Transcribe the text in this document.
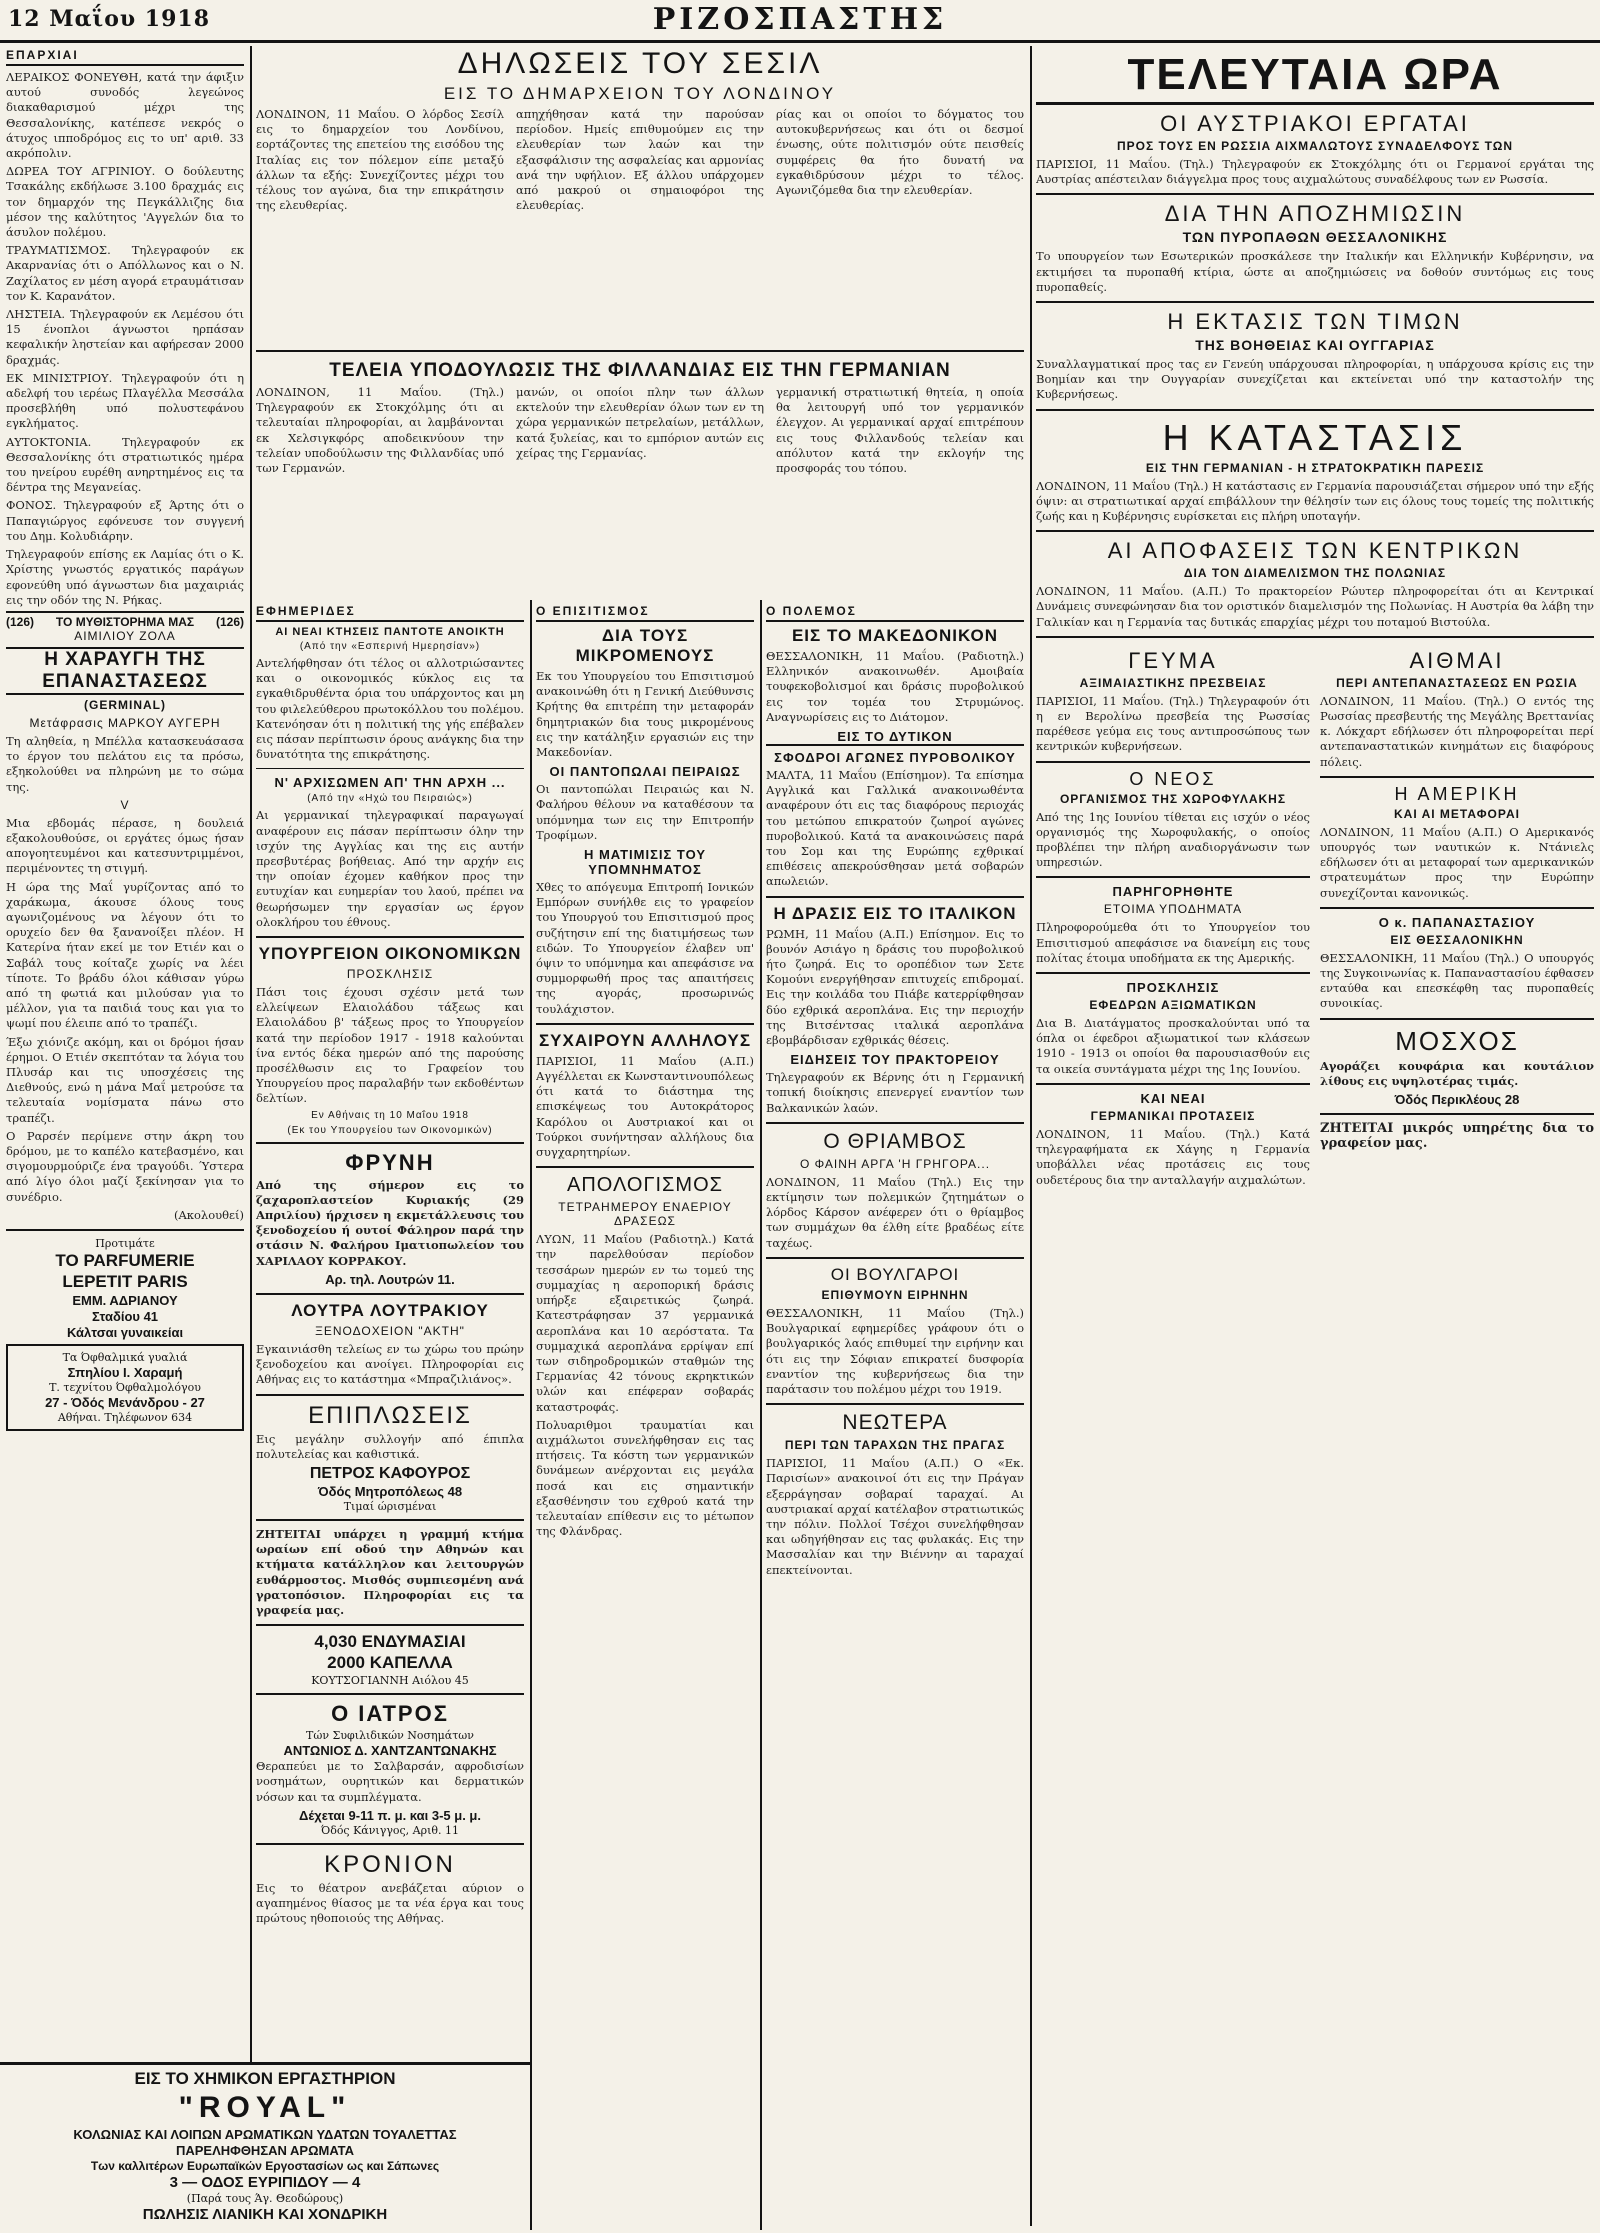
12 Μαΐου 1918	ΡΙΖΟΣΠΑΣΤΗΣ
ΕΠΑΡΧΙΑΙ

ΛΕΡΑΙΚΟΣ ΦΟΝΕΥΘΗ, κατά την άφιξιν αυτού συνοδός λεγεώνος διακαθαρισμού μέχρι της Θεσσαλονίκης, κατέπεσε νεκρός ο άτυχος ιπποδρόμος εις το υπ' αριθ. 33 ακρόπολιν.

ΔΩΡΕΑ ΤΟΥ ΑΓΡΙΝΙΟΥ. Ο δούλευτης Τσακάλης εκδήλωσε 3.100 δραχμάς εις τον δημαρχόν της Πεγκάλλιζης δια μέσον της καλύτητος 'Αγγελών δια το άσυλον πολέμου.

ΤΡΑΥΜΑΤΙΣΜΟΣ. Τηλεγραφούν εκ Ακαρνανίας ότι ο Απόλλωνος και ο Ν. Ζαχίλατος εν μέση αγορά ετραυμάτισαν τον Κ. Καρανάτον.

ΛΗΣΤΕΙΑ. Τηλεγραφούν εκ Λεμέσου ότι 15 ένοπλοι άγνωστοι ηρπάσαν κεφαλικήν ληστείαν και αφήρεσαν 2000 δραχμάς.

ΕΚ ΜΙΝΙΣΤΡΙΟΥ. Τηλεγραφούν ότι η αδελφή του ιερέως Πλαγέλλα Μεσσάλα προσεβλήθη υπό πολυστεφάνου εγκλήματος.

ΑΥΤΟΚΤΟΝΙΑ. Τηλεγραφούν εκ Θεσσαλονίκης ότι στρατιωτικός ημέρα του ηνείρου ευρέθη ανηρτημένος εις τα δέντρα της Μεγανείας.

ΦΟΝΟΣ. Τηλεγραφούν εξ Άρτης ότι ο Παπαγιώργος εφόνευσε τον συγγενή του Δημ. Κολυδιάρην.

Τηλεγραφούν επίσης εκ Λαμίας ότι ο Κ. Χρίστης γνωστός εργατικός παράγων εφονεύθη υπό άγνωστων δια μαχαιριάς εις την οδόν της Ν. Ρήκας.

(126) ΤΟ ΜΥΘΙΣΤΟΡΗΜΑ ΜΑΣ (126)
ΑΙΜΙΛΙΟΥ ΖΟΛΑ
Η ΧΑΡΑΥΓΗ ΤΗΣ ΕΠΑΝΑΣΤΑΣΕΩΣ
(GERMINAL)
Μετάφρασις ΜΑΡΚΟΥ ΑΥΓΕΡΗ

Τη αληθεία, η Μπέλλα κατασκευάσασα το έργον του πελάτου εις τα πρόσω, εξηκολούθει να πληρώνη με το σώμα της.

V

Μια εβδομάς πέρασε, η δουλειά εξακολουθούσε, οι εργάτες όμως ήσαν απογοητευμένοι και κατεσυντριμμένοι, περιμένοντες τη στιγμή.

Η ώρα της Μαΐ γυρίζοντας από το χαράκωμα, άκουσε όλους τους αγωνιζομένους να λέγουν ότι το ορυχείο δεν θα ξανανοίξει πλέον. Η Κατερίνα ήταν εκεί με τον Ετιέν και ο Σαβάλ τους κοίταζε χωρίς να λέει τίποτε. Το βράδυ όλοι κάθισαν γύρω από τη φωτιά και μιλούσαν για το μέλλον, για τα παιδιά τους και για το ψωμί που έλειπε από το τραπέζι.

Έξω χιόνιζε ακόμη, και οι δρόμοι ήσαν έρημοι. Ο Ετιέν σκεπτόταν τα λόγια του Πλυσάρ και τις υποσχέσεις της Διεθνούς, ενώ η μάνα Μαΐ μετρούσε τα τελευταία νομίσματα πάνω στο τραπέζι.

Ο Ραρσέν περίμενε στην άκρη του δρόμου, με το καπέλο κατεβασμένο, και σιγομουρμούριζε ένα τραγούδι. Ύστερα από λίγο όλοι μαζί ξεκίνησαν για το συνέδριο.

(Ακολουθεί)

Προτιμάτε
ΤΟ PARFUMERIE
LEPETIT PARIS
ΕΜΜ. ΑΔΡΙΑΝΟΥ
Σταδίου 41
Κάλτσαι γυναικείαι
Τα Όφθαλμικά γυαλιά
Σπηλίου Ι. Χαραμή
Τ. τεχνίτου Όφθαλμολόγου
27 - Όδός Μενάνδρου - 27
Αθήναι. Τηλέφωνον 634
ΔΗΛΩΣΕΙΣ ΤΟΥ ΣΕΣΙΛ
ΕΙΣ ΤΟ ΔΗΜΑΡΧΕΙΟΝ ΤΟΥ ΛΟΝΔΙΝΟΥ

ΛΟΝΔΙΝΟΝ, 11 Μαΐου. Ο λόρδος Σεσίλ εις το δημαρχείον του Λονδίνου, εορτάζοντες της επετείου της εισόδου της Ιταλίας εις τον πόλεμον είπε μεταξύ άλλων τα εξής: Συνεχίζοντες μέχρι του τέλους τον αγώνα, δια την επικράτησιν της ελευθερίας.

απηχήθησαν κατά την παρούσαν περίοδον. Ημείς επιθυμούμεν εις την ελευθερίαν των λαών και την εξασφάλισιν της ασφαλείας και αρμονίας ανά την υφήλιον. Εξ άλλου υπάρχομεν από μακρού οι σημαιοφόροι της ελευθερίας.

ρίας και οι οποίοι το δόγματος του αυτοκυβερνήσεως και ότι οι δεσμοί ένωσης, ούτε πολιτισμόν ούτε πεισθείς συμφέρεις θα ήτο δυνατή να εγκαθιδρύσουν μέχρι το τέλος. Αγωνιζόμεθα δια την ελευθερίαν.

ΤΕΛΕΙΑ ΥΠΟΔΟΥΛΩΣΙΣ ΤΗΣ ΦΙΛΛΑΝΔΙΑΣ ΕΙΣ ΤΗΝ ΓΕΡΜΑΝΙΑΝ

ΛΟΝΔΙΝΟΝ, 11 Μαΐου. (Τηλ.) Τηλεγραφούν εκ Στοκχόλμης ότι αι τελευταίαι πληροφορίαι, αι λαμβάνονται εκ Χελσιγκφόρς αποδεικνύουν την τελείαν υποδούλωσιν της Φιλλανδίας υπό των Γερμανών.

μανών, οι οποίοι πλην των άλλων εκτελούν την ελευθερίαν όλων των εν τη χώρα γερμανικών πετρελαίων, μετάλλων, κατά ξυλείας, και το εμπόριον αυτών εις χείρας της Γερμανίας.

γερμανική στρατιωτική θητεία, η οποία θα λειτουργή υπό τον γερμανικόν έλεγχον. Αι γερμανικαί αρχαί επιτρέπουν εις τους Φιλλανδούς τελείαν και απόλυτον κατά την εκλογήν της προσφοράς του τόπου.

ΕΦΗΜΕΡΙΔΕΣ
ΑΙ ΝΕΑΙ ΚΤΗΣΕΙΣ ΠΑΝΤΟΤΕ ΑΝΟΙΚΤΗ
(Από την «Εσπερινή Ημερησίαν»)

Αντελήφθησαν ότι τέλος οι αλλοτριώσαντες και ο οικονομικός κύκλος εις τα εγκαθιδρυθέντα όρια του υπάρχοντος και μη του φιλελεύθερου πρωτοκόλλου του πολέμου. Κατενόησαν ότι η πολιτική της γής επέβαλεν εις πάσαν περίπτωσιν όρους ανάγκης δια την δυνατότητα της επικράτησης.

Ν' ΑΡΧΙΣΩΜΕΝ ΑΠ' ΤΗΝ ΑΡΧΗ ...
(Από την «Ηχώ του Πειραιώς»)

Αι γερμανικαί τηλεγραφικαί παραγωγαί αναφέρουν εις πάσαν περίπτωσιν όλην την ισχύν της Αγγλίας και της εις αυτήν πρεσβυτέρας βοήθειας. Από την αρχήν εις την οποίαν έχομεν καθήκον προς την ευτυχίαν και ευημερίαν του λαού, πρέπει να θεωρήσωμεν την εργασίαν ως έργον ολοκλήρου του έθνους.

ΥΠΟΥΡΓΕΙΟΝ ΟΙΚΟΝΟΜΙΚΩΝ
ΠΡΟΣΚΛΗΣΙΣ

Πάσι τοις έχουσι σχέσιν μετά των ελλείψεων Ελαιολάδου τάξεως και Ελαιολάδου β' τάξεως προς το Υπουργείον κατά την περίοδον 1917 - 1918 καλούνται ίνα εντός δέκα ημερών από της παρούσης προσέλθωσιν εις το Γραφείον του Υπουργείου προς παραλαβήν των εκδοθέντων δελτίων.

Εν Αθήναις τη 10 Μαΐου 1918
(Εκ του Υπουργείου των Οικονομικών)
ΦΡΥΝΗ

Από της σήμερον εις το ζαχαροπλαστείον Κυριακής (29 Απριλίου) ήρχισεν η εκμετάλλευσις του ξενοδοχείου ή ουτοί Φάληρον παρά την στάσιν Ν. Φαλήρου Ιματιοπωλείον του ΧΑΡΙΛΑΟΥ ΚΟΡΡΑΚΟΥ.

Αρ. τηλ. Λουτρών 11.
ΛΟΥΤΡΑ ΛΟΥΤΡΑΚΙΟΥ
ΞΕΝΟΔΟΧΕΙΟΝ "ΑΚΤΗ"

Εγκαινιάσθη τελείως εν τω χώρω του πρώην ξενοδοχείου και ανοίγει. Πληροφορίαι εις Αθήνας εις το κατάστημα «Μπραζιλιάνος».

ΕΠΙΠΛΩΣΕΙΣ

Εις μεγάλην συλλογήν από έπιπλα πολυτελείας και καθιστικά.

ΠΕΤΡΟΣ ΚΑΦΟΥΡΟΣ
Όδός Μητροπόλεως 48
Τιμαί ώρισμέναι

ΖΗΤΕΙΤΑΙ υπάρχει η γραμμή κτήμα ωραίων επί οδού την Αθηνών και κτήματα κατάλληλον και λειτουργών ευθάρμοστος. Μισθός συμπιεσμένη ανά γρατοπόσιον. Πληροφορίαι εις τα γραφεία μας.

4,030 ΕΝΔΥΜΑΣΙΑΙ
2000 ΚΑΠΕΛΛΑ
ΚΟΥΤΣΟΓΙΑΝΝΗ Αιόλου 45
Ο ΙΑΤΡΟΣ
Τών Συφιλιδικών Νοσημάτων
ΑΝΤΩΝΙΟΣ Δ. ΧΑΝΤΖΑΝΤΩΝΑΚΗΣ

Θεραπεύει με το Σαλβαρσάν, αφροδισίων νοσημάτων, ουρητικών και δερματικών νόσων και τα συμπλέγματα.

Δέχεται 9-11 π. μ. και 3-5 μ. μ.
Όδός Κάνιγγος, Αριθ. 11
ΚΡΟΝΙΟΝ

Εις το θέατρον ανεβάζεται αύριον ο αγαπημένος θίασος με τα νέα έργα και τους πρώτους ηθοποιούς της Αθήνας.

Ο ΕΠΙΣΙΤΙΣΜΟΣ
ΔΙΑ ΤΟΥΣ ΜΙΚΡΟΜΕΝΟΥΣ

Εκ του Υπουργείου του Επισιτισμού ανακοινώθη ότι η Γενική Διεύθυνσις Κρήτης θα επιτρέπη την μεταφοράν δημητριακών δια τους μικρομένους εις την κατάληξιν εργασιών εις την Μακεδονίαν.

ΟΙ ΠΑΝΤΟΠΩΛΑΙ ΠΕΙΡΑΙΩΣ

Οι παντοπώλαι Πειραιώς και Ν. Φαλήρου θέλουν να καταθέσουν τα υπόμνημα των εις την Επιτροπήν Τροφίμων.

Η ΜΑΤΙΜΙΣΙΣ ΤΟΥ ΥΠΟΜΝΗΜΑΤΟΣ

Χθες το απόγευμα Επιτροπή Ιονικών Εμπόρων συνήλθε εις το γραφείον του Υπουργού του Επισιτισμού προς συζήτησιν επί της διατιμήσεως των ειδών. Το Υπουργείον έλαβεν υπ' όψιν το υπόμνημα και απεφάσισε να συμμορφωθή προς τας απαιτήσεις της αγοράς, προσωρινώς τουλάχιστον.

ΣΥΧΑΙΡΟΥΝ ΑΛΛΗΛΟΥΣ

ΠΑΡΙΣΙΟΙ, 11 Μαΐου (Α.Π.) Αγγέλλεται εκ Κωνσταντινουπόλεως ότι κατά το διάστημα της επισκέψεως του Αυτοκράτορος Καρόλου οι Αυστριακοί και οι Τούρκοι συνήντησαν αλλήλους δια συγχαρητηρίων.

ΑΠΟΛΟΓΙΣΜΟΣ
ΤΕΤΡΑΗΜΕΡΟΥ ΕΝΑΕΡΙΟΥ ΔΡΑΣΕΩΣ

ΛΥΩΝ, 11 Μαΐου (Ραδιοτηλ.) Κατά την παρελθούσαν περίοδον τεσσάρων ημερών εν τω τομεύ της συμμαχίας η αεροπορική δράσις υπήρξε εξαιρετικώς ζωηρά. Κατεστράφησαν 37 γερμανικά αεροπλάνα και 10 αερόστατα. Τα συμμαχικά αεροπλάνα ερρίψαν επί των σιδηροδρομικών σταθμών της Γερμανίας 42 τόνους εκρηκτικών υλών και επέφεραν σοβαράς καταστροφάς.

Πολυαριθμοι τραυματίαι και αιχμάλωτοι συνελήφθησαν εις τας πτήσεις. Τα κόστη των γερμανικών δυνάμεων ανέρχονται εις μεγάλα ποσά και εις σημαντικήν εξασθένησιν του εχθρού κατά την τελευταίαν επίθεσιν εις το μέτωπον της Φλάνδρας.

Ο ΠΟΛΕΜΟΣ
ΕΙΣ ΤΟ ΜΑΚΕΔΟΝΙΚΟΝ

ΘΕΣΣΑΛΟΝΙΚΗ, 11 Μαΐου. (Ραδιοτηλ.) Ελληνικόν ανακοινωθέν. Αμοιβαία τουφεκοβολισμοί και δράσις πυροβολικού εις τον τομέα του Στρυμώνος. Αναγνωρίσεις εις το Διάτομον.

ΕΙΣ ΤΟ ΔΥΤΙΚΟΝ
ΣΦΟΔΡΟΙ ΑΓΩΝΕΣ ΠΥΡΟΒΟΛΙΚΟΥ

ΜΑΛΤΑ, 11 Μαΐου (Επίσημον). Τα επίσημα Αγγλικά και Γαλλικά ανακοινωθέντα αναφέρουν ότι εις τας διαφόρους περιοχάς του μετώπου επικρατούν ζωηροί αγώνες πυροβολικού. Κατά τα ανακοινώσεις παρά του Σομ και της Ευρώπης εχθρικαί επιθέσεις απεκρούσθησαν μετά σοβαρών απωλειών.

Η ΔΡΑΣΙΣ ΕΙΣ ΤΟ ΙΤΑΛΙΚΟΝ

ΡΩΜΗ, 11 Μαΐου (Α.Π.) Επίσημον. Εις το βουνόν Ασιάγο η δράσις του πυροβολικού ήτο ζωηρά. Εις το οροπέδιον των Σετε Κομούνι ενεργήθησαν επιτυχείς επιδρομαί. Εις την κοιλάδα του Πιάβε κατερρίφθησαν δύο εχθρικά αεροπλάνα. Εις την περιοχήν της Βιτσέντσας ιταλικά αεροπλάνα εβομβάρδισαν εχθρικάς θέσεις.

ΕΙΔΗΣΕΙΣ ΤΟΥ ΠΡΑΚΤΟΡΕΙΟΥ

Τηλεγραφούν εκ Βέρνης ότι η Γερμανική τοπική διοίκησις επενεργεί εναντίον των Βαλκανικών λαών.

Ο ΘΡΙΑΜΒΟΣ
Ο ΦΑΙΝΗ ΑΡΓΑ 'Η ΓΡΗΓΟΡΑ...

ΛΟΝΔΙΝΟΝ, 11 Μαΐου (Τηλ.) Εις την εκτίμησιν των πολεμικών ζητημάτων ο λόρδος Κάρσον ανέφερεν ότι ο θρίαμβος των συμμάχων θα έλθη είτε βραδέως είτε ταχέως.

ΟΙ ΒΟΥΛΓΑΡΟΙ
ΕΠΙΘΥΜΟΥΝ ΕΙΡΗΝΗΝ

ΘΕΣΣΑΛΟΝΙΚΗ, 11 Μαΐου (Τηλ.) Βουλγαρικαί εφημερίδες γράφουν ότι ο βουλγαρικός λαός επιθυμεί την ειρήνην και ότι εις την Σόφιαν επικρατεί δυσφορία εναντίον της κυβερνήσεως δια την παράτασιν του πολέμου μέχρι του 1919.

ΝΕΩΤΕΡΑ
ΠΕΡΙ ΤΩΝ ΤΑΡΑΧΩΝ ΤΗΣ ΠΡΑΓΑΣ

ΠΑΡΙΣΙΟΙ, 11 Μαΐου (Α.Π.) Ο «Εκ. Παρισίων» ανακοινοί ότι εις την Πράγαν εξερράγησαν σοβαραί ταραχαί. Αι αυστριακαί αρχαί κατέλαβον στρατιωτικώς την πόλιν. Πολλοί Τσέχοι συνελήφθησαν και ωδηγήθησαν εις τας φυλακάς. Εις την Μασσαλίαν και την Βιέννην αι ταραχαί επεκτείνονται.

ΤΕΛΕΥΤΑΙΑ ΩΡΑ
ΟΙ ΑΥΣΤΡΙΑΚΟΙ ΕΡΓΑΤΑΙ
ΠΡΟΣ ΤΟΥΣ ΕΝ ΡΩΣΣΙΑ ΑΙΧΜΑΛΩΤΟΥΣ ΣΥΝΑΔΕΛΦΟΥΣ ΤΩΝ

ΠΑΡΙΣΙΟΙ, 11 Μαΐου. (Τηλ.) Τηλεγραφούν εκ Στοκχόλμης ότι οι Γερμανοί εργάται της Αυστρίας απέστειλαν διάγγελμα προς τους αιχμαλώτους συναδέλφους των εν Ρωσσία.

ΔΙΑ ΤΗΝ ΑΠΟΖΗΜΙΩΣΙΝ
ΤΩΝ ΠΥΡΟΠΑΘΩΝ ΘΕΣΣΑΛΟΝΙΚΗΣ

Το υπουργείον των Εσωτερικών προσκάλεσε την Ιταλικήν και Ελληνικήν Κυβέρνησιν, να εκτιμήσει τα πυροπαθή κτίρια, ώστε αι αποζημιώσεις να δοθούν συντόμως εις τους πυροπαθείς.

Η ΕΚΤΑΣΙΣ ΤΩΝ ΤΙΜΩΝ
ΤΗΣ ΒΟΗΘΕΙΑΣ ΚΑΙ ΟΥΓΓΑΡΙΑΣ

Συναλλαγματικαί προς τας εν Γενεύη υπάρχουσαι πληροφορίαι, η υπάρχουσα κρίσις εις την Βοημίαν και την Ουγγαρίαν συνεχίζεται και εκτείνεται υπό την καταστολήν της Κυβερνήσεως.

Η ΚΑΤΑΣΤΑΣΙΣ
ΕΙΣ ΤΗΝ ΓΕΡΜΑΝΙΑΝ - Η ΣΤΡΑΤΟΚΡΑΤΙΚΗ ΠΑΡΕΣΙΣ

ΛΟΝΔΙΝΟΝ, 11 Μαΐου (Τηλ.) Η κατάστασις εν Γερμανία παρουσιάζεται σήμερον υπό την εξής όψιν: αι στρατιωτικαί αρχαί επιβάλλουν την θέλησίν των εις όλους τους τομείς της πολιτικής ζωής και η Κυβέρνησις ευρίσκεται εις πλήρη υποταγήν.

ΑΙ ΑΠΟΦΑΣΕΙΣ ΤΩΝ ΚΕΝΤΡΙΚΩΝ
ΔΙΑ ΤΟΝ ΔΙΑΜΕΛΙΣΜΟΝ ΤΗΣ ΠΟΛΩΝΙΑΣ

ΛΟΝΔΙΝΟΝ, 11 Μαΐου. (Α.Π.) Το πρακτορείον Ρώυτερ πληροφορείται ότι αι Κεντρικαί Δυνάμεις συνεφώνησαν δια τον οριστικόν διαμελισμόν της Πολωνίας. Η Αυστρία θα λάβη την Γαλικίαν και η Γερμανία τας δυτικάς επαρχίας μέχρι του ποταμού Βιστούλα.

ΓΕΥΜΑ
ΑΞΙΜΑΙΑΣΤΙΚΗΣ ΠΡΕΣΒΕΙΑΣ

ΠΑΡΙΣΙΟΙ, 11 Μαΐου. (Τηλ.) Τηλεγραφούν ότι η εν Βερολίνω πρεσβεία της Ρωσσίας παρέθεσε γεύμα εις τους αντιπροσώπους των κεντρικών κυβερνήσεων.

Ο ΝΕΟΣ
ΟΡΓΑΝΙΣΜΟΣ ΤΗΣ ΧΩΡΟΦΥΛΑΚΗΣ

Από της 1ης Ιουνίου τίθεται εις ισχύν ο νέος οργανισμός της Χωροφυλακής, ο οποίος προβλέπει την πλήρη αναδιοργάνωσιν των υπηρεσιών.

ΠΑΡΗΓΟΡΗΘΗΤΕ
ΕΤΟΙΜΑ ΥΠΟΔΗΜΑΤΑ

Πληροφορούμεθα ότι το Υπουργείον του Επισιτισμού απεφάσισε να διανείμη εις τους πολίτας έτοιμα υποδήματα εκ της Αμερικής.

ΠΡΟΣΚΛΗΣΙΣ
ΕΦΕΔΡΩΝ ΑΞΙΩΜΑΤΙΚΩΝ

Δια Β. Διατάγματος προσκαλούνται υπό τα όπλα οι έφεδροι αξιωματικοί των κλάσεων 1910 - 1913 οι οποίοι θα παρουσιασθούν εις τα οικεία συντάγματα μέχρι της 1ης Ιουνίου.

ΚΑΙ ΝΕΑΙ
ΓΕΡΜΑΝΙΚΑΙ ΠΡΟΤΑΣΕΙΣ

ΛΟΝΔΙΝΟΝ, 11 Μαΐου. (Τηλ.) Κατά τηλεγραφήματα εκ Χάγης η Γερμανία υποβάλλει νέας προτάσεις εις τους ουδετέρους δια την ανταλλαγήν αιχμαλώτων.

ΑΙΘΜΑΙ
ΠΕΡΙ ΑΝΤΕΠΑΝΑΣΤΑΣΕΩΣ ΕΝ ΡΩΣΙΑ

ΛΟΝΔΙΝΟΝ, 11 Μαΐου. (Τηλ.) Ο εντός της Ρωσσίας πρεσβευτής της Μεγάλης Βρεττανίας κ. Λόκχαρτ εδήλωσεν ότι πληροφορείται περί αντεπαναστατικών κινημάτων εις διαφόρους πόλεις.

Η ΑΜΕΡΙΚΗ
ΚΑΙ ΑΙ ΜΕΤΑΦΟΡΑΙ

ΛΟΝΔΙΝΟΝ, 11 Μαΐου (Α.Π.) Ο Αμερικανός υπουργός των ναυτικών κ. Ντάνιελς εδήλωσεν ότι αι μεταφοραί των αμερικανικών στρατευμάτων προς την Ευρώπην συνεχίζονται κανονικώς.

Ο κ. ΠΑΠΑΝΑΣΤΑΣΙΟΥ
ΕΙΣ ΘΕΣΣΑΛΟΝΙΚΗΝ

ΘΕΣΣΑΛΟΝΙΚΗ, 11 Μαΐου (Τηλ.) Ο υπουργός της Συγκοινωνίας κ. Παπαναστασίου έφθασεν ενταύθα και επεσκέφθη τας πυροπαθείς συνοικίας.

ΜΟΣΧΟΣ

Αγοράζει κουφάρια και κουτάλιον λίθους εις υψηλοτέρας τιμάς.

Όδός Περικλέους 28

ΖΗΤΕΙΤΑΙ μικρός υπηρέτης δια το γραφείον μας.

ΕΙΣ ΤΟ ΧΗΜΙΚΟΝ ΕΡΓΑΣΤΗΡΙΟΝ
"ROYAL"
ΚΟΛΩΝΙΑΣ ΚΑΙ ΛΟΙΠΩΝ ΑΡΩΜΑΤΙΚΩΝ ΥΔΑΤΩΝ ΤΟΥΑΛΕΤΤΑΣ
ΠΑΡΕΛΗΦΘΗΣΑΝ ΑΡΩΜΑΤΑ
Των καλλιτέρων Ευρωπαϊκών Εργοστασίων ως και Σάπωνες
3 — ΟΔΟΣ ΕΥΡΙΠΙΔΟΥ — 4
(Παρά τους Άγ. Θεοδώρους)
ΠΩΛΗΣΙΣ ΛΙΑΝΙΚΗ ΚΑΙ ΧΟΝΔΡΙΚΗ
